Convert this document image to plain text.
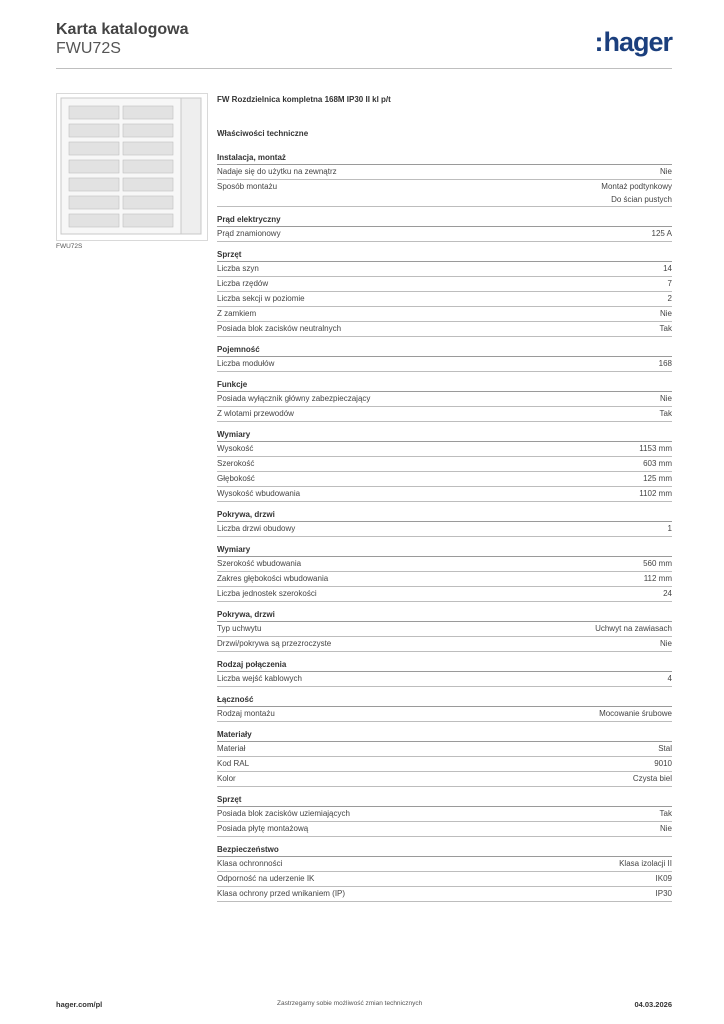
Karta katalogowa
FWU72S	:hager
FWU72S
FW Rozdzielnica kompletna 168M IP30 II kl p/t
Właściwości techniczne
Instalacja, montaż
Nadaje się do użytku na zewnątrz	Nie
Sposób montażu	Montaż podtynkowy
Do ścian pustych
Prąd elektryczny
Prąd znamionowy	125 A
Sprzęt
Liczba szyn	14
Liczba rzędów	7
Liczba sekcji w poziomie	2
Z zamkiem	Nie
Posiada blok zacisków neutralnych	Tak
Pojemność
Liczba modułów	168
Funkcje
Posiada wyłącznik główny zabezpieczający	Nie
Z wlotami przewodów	Tak
Wymiary
Wysokość	1153 mm
Szerokość	603 mm
Głębokość	125 mm
Wysokość wbudowania	1102 mm
Pokrywa, drzwi
Liczba drzwi obudowy	1
Wymiary
Szerokość wbudowania	560 mm
Zakres głębokości wbudowania	112 mm
Liczba jednostek szerokości	24
Pokrywa, drzwi
Typ uchwytu	Uchwyt na zawiasach
Drzwi/pokrywa są przezroczyste	Nie
Rodzaj połączenia
Liczba wejść kablowych	4
Łączność
Rodzaj montażu	Mocowanie śrubowe
Materiały
Materiał	Stal
Kod RAL	9010
Kolor	Czysta biel
Sprzęt
Posiada blok zacisków uziemiających	Tak
Posiada płytę montażową	Nie
Bezpieczeństwo
Klasa ochronności	Klasa izolacji II
Odporność na uderzenie IK	IK09
Klasa ochrony przed wnikaniem (IP)	IP30
hager.com/pl	Zastrzegamy sobie możliwość zmian technicznych	04.03.2026
